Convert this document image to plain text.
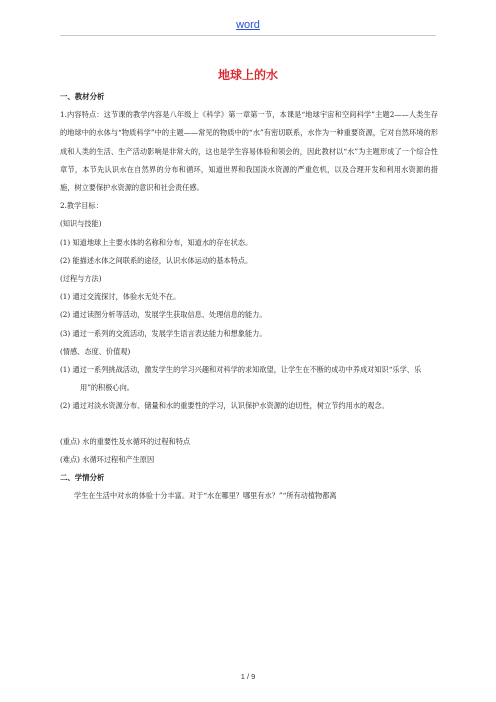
word
地球上的水

一、教材分析

1.内容特点：这节课的教学内容是八年级上《科学》第一章第一节，本课是“地球宇宙和空间科学”主题2——人类生存的地球中的水体与“物质科学”中的主题——常见的物质中的“水”有密切联系，水作为一种重要资源，它对自然环境的形成和人类的生活、生产活动影响是非常大的，这也是学生容易体验和领会的，因此教材以“水”为主题形成了一个综合性章节，本节先认识水在自然界的分布和循环，知道世界和我国淡水资源的严重危机，以及合理开发和利用水资源的措施，树立要保护水资源的意识和社会责任感。

2.教学目标：

(知识与技能)

(1) 知道地球上主要水体的名称和分布，知道水的存在状态。

(2) 能描述水体之间联系的途径，认识水体运动的基本特点。

(过程与方法)

(1) 通过交流探讨，体验水无处不在。

(2) 通过读图分析等活动，发展学生获取信息、处理信息的能力。

(3) 通过一系列的交流活动，发展学生语言表达能力和想象能力。

(情感、态度、价值观)

(1) 通过一系列挑战活动，激发学生的学习兴趣和对科学的求知欲望，让学生在不断的成功中养成对知识“乐学、乐用”的积极心向。

(2) 通过对淡水资源分布、储量和水的重要性的学习，认识保护水资源的迫切性，树立节约用水的观念。

(重点) 水的重要性及水循环的过程和特点

(难点) 水循环过程和产生原因

二、学情分析

学生在生活中对水的体验十分丰富。对于“水在哪里？哪里有水？”“所有动植物都离

1 / 9
